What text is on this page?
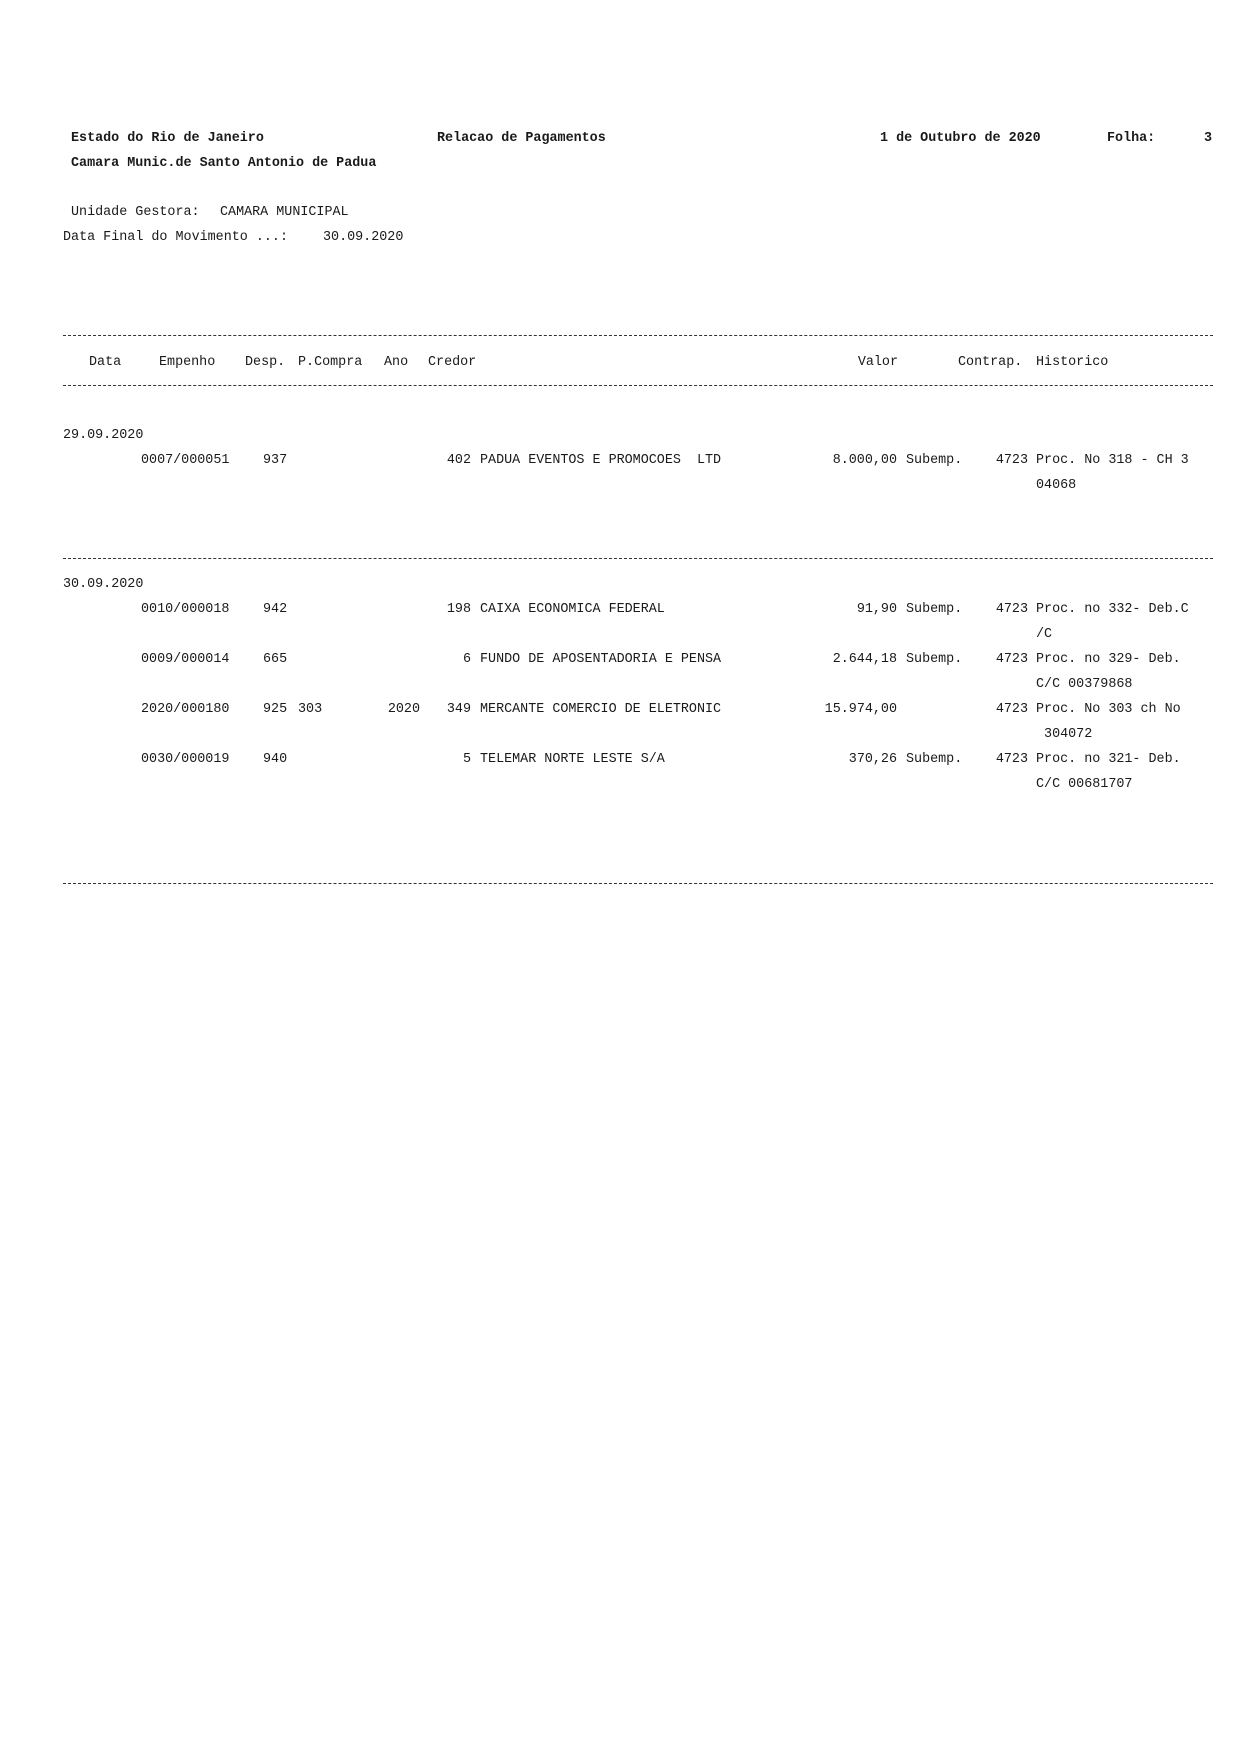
Estado do Rio de Janeiro	Relacao de Pagamentos	1 de Outubro de 2020	Folha:	3
Camara Munic.de Santo Antonio de Padua
Unidade Gestora: CAMARA MUNICIPAL
Data Final do Movimento ...:	30.09.2020
Data	Empenho Desp. P.Compra Ano Credor	Valor	Contrap. Historico
29.09.2020
0007/000051	937	402 PADUA EVENTOS E PROMOCOES  LTD	8.000,00 Subemp.	4723 Proc. No 318 - CH 3
04068
30.09.2020
0010/000018	942	198 CAIXA ECONOMICA FEDERAL	91,90 Subemp.	4723 Proc. no 332- Deb.C
/C
0009/000014	665	6 FUNDO DE APOSENTADORIA E PENSA	2.644,18 Subemp.	4723 Proc. no 329- Deb.
C/C 00379868
2020/000180	925 303	2020	349 MERCANTE COMERCIO DE ELETRONIC	15.974,00	4723 Proc. No 303 ch No
304072
0030/000019	940	5 TELEMAR NORTE LESTE S/A	370,26 Subemp.	4723 Proc. no 321- Deb.
C/C 00681707
